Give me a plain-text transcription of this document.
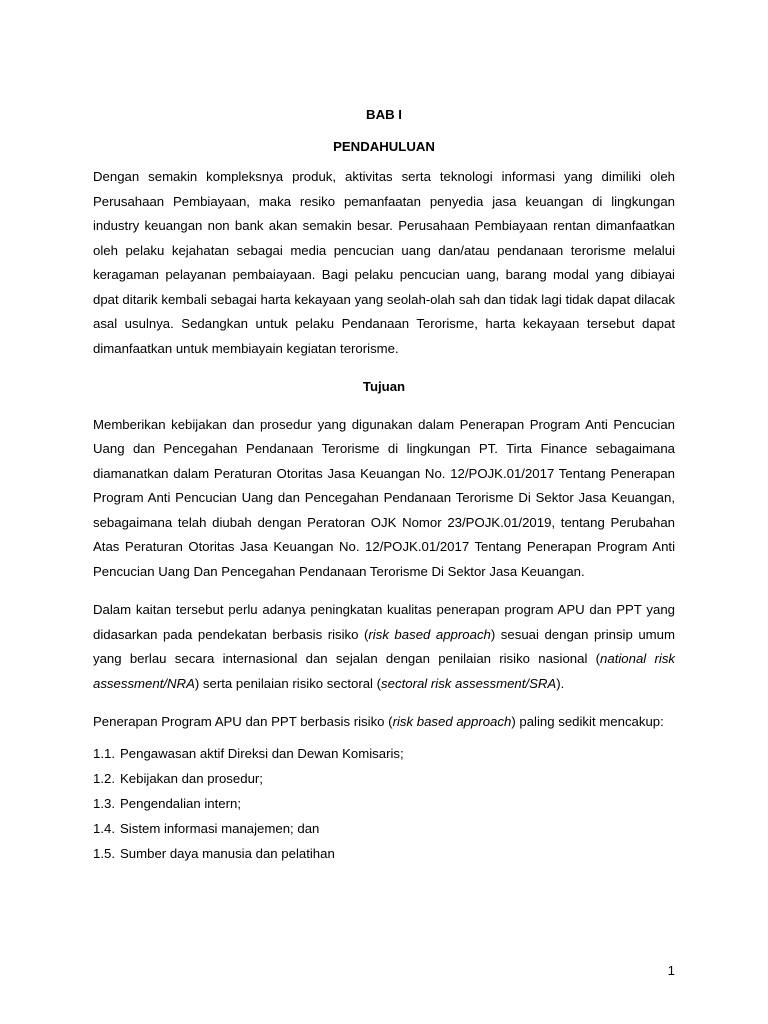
BAB I
PENDAHULUAN

Dengan semakin kompleksnya produk, aktivitas serta teknologi informasi yang dimiliki oleh Perusahaan Pembiayaan, maka resiko pemanfaatan penyedia jasa keuangan di lingkungan industry keuangan non bank akan semakin besar. Perusahaan Pembiayaan rentan dimanfaatkan oleh pelaku kejahatan sebagai media pencucian uang dan/atau pendanaan terorisme melalui keragaman pelayanan pembaiayaan. Bagi pelaku pencucian uang, barang modal yang dibiayai dpat ditarik kembali sebagai harta kekayaan yang seolah-olah sah dan tidak lagi tidak dapat dilacak asal usulnya. Sedangkan untuk pelaku Pendanaan Terorisme, harta kekayaan tersebut dapat dimanfaatkan untuk membiayain kegiatan terorisme.

Tujuan

Memberikan kebijakan dan prosedur yang digunakan dalam Penerapan Program Anti Pencucian Uang dan Pencegahan Pendanaan Terorisme di lingkungan PT. Tirta Finance sebagaimana diamanatkan dalam Peraturan Otoritas Jasa Keuangan No. 12/POJK.01/2017 Tentang Penerapan Program Anti Pencucian Uang dan Pencegahan Pendanaan Terorisme Di Sektor Jasa Keuangan, sebagaimana telah diubah dengan Peratoran OJK Nomor 23/POJK.01/2019, tentang Perubahan Atas Peraturan Otoritas Jasa Keuangan No. 12/POJK.01/2017 Tentang Penerapan Program Anti Pencucian Uang Dan Pencegahan Pendanaan Terorisme Di Sektor Jasa Keuangan.

Dalam kaitan tersebut perlu adanya peningkatan kualitas penerapan program APU dan PPT yang didasarkan pada pendekatan berbasis risiko (risk based approach) sesuai dengan prinsip umum yang berlau secara internasional dan sejalan dengan penilaian risiko nasional (national risk assessment/NRA) serta penilaian risiko sectoral (sectoral risk assessment/SRA).

Penerapan Program APU dan PPT berbasis risiko (risk based approach) paling sedikit mencakup:

1.1. Pengawasan aktif Direksi dan Dewan Komisaris;
1.2. Kebijakan dan prosedur;
1.3. Pengendalian intern;
1.4. Sistem informasi manajemen; dan
1.5. Sumber daya manusia dan pelatihan
1
